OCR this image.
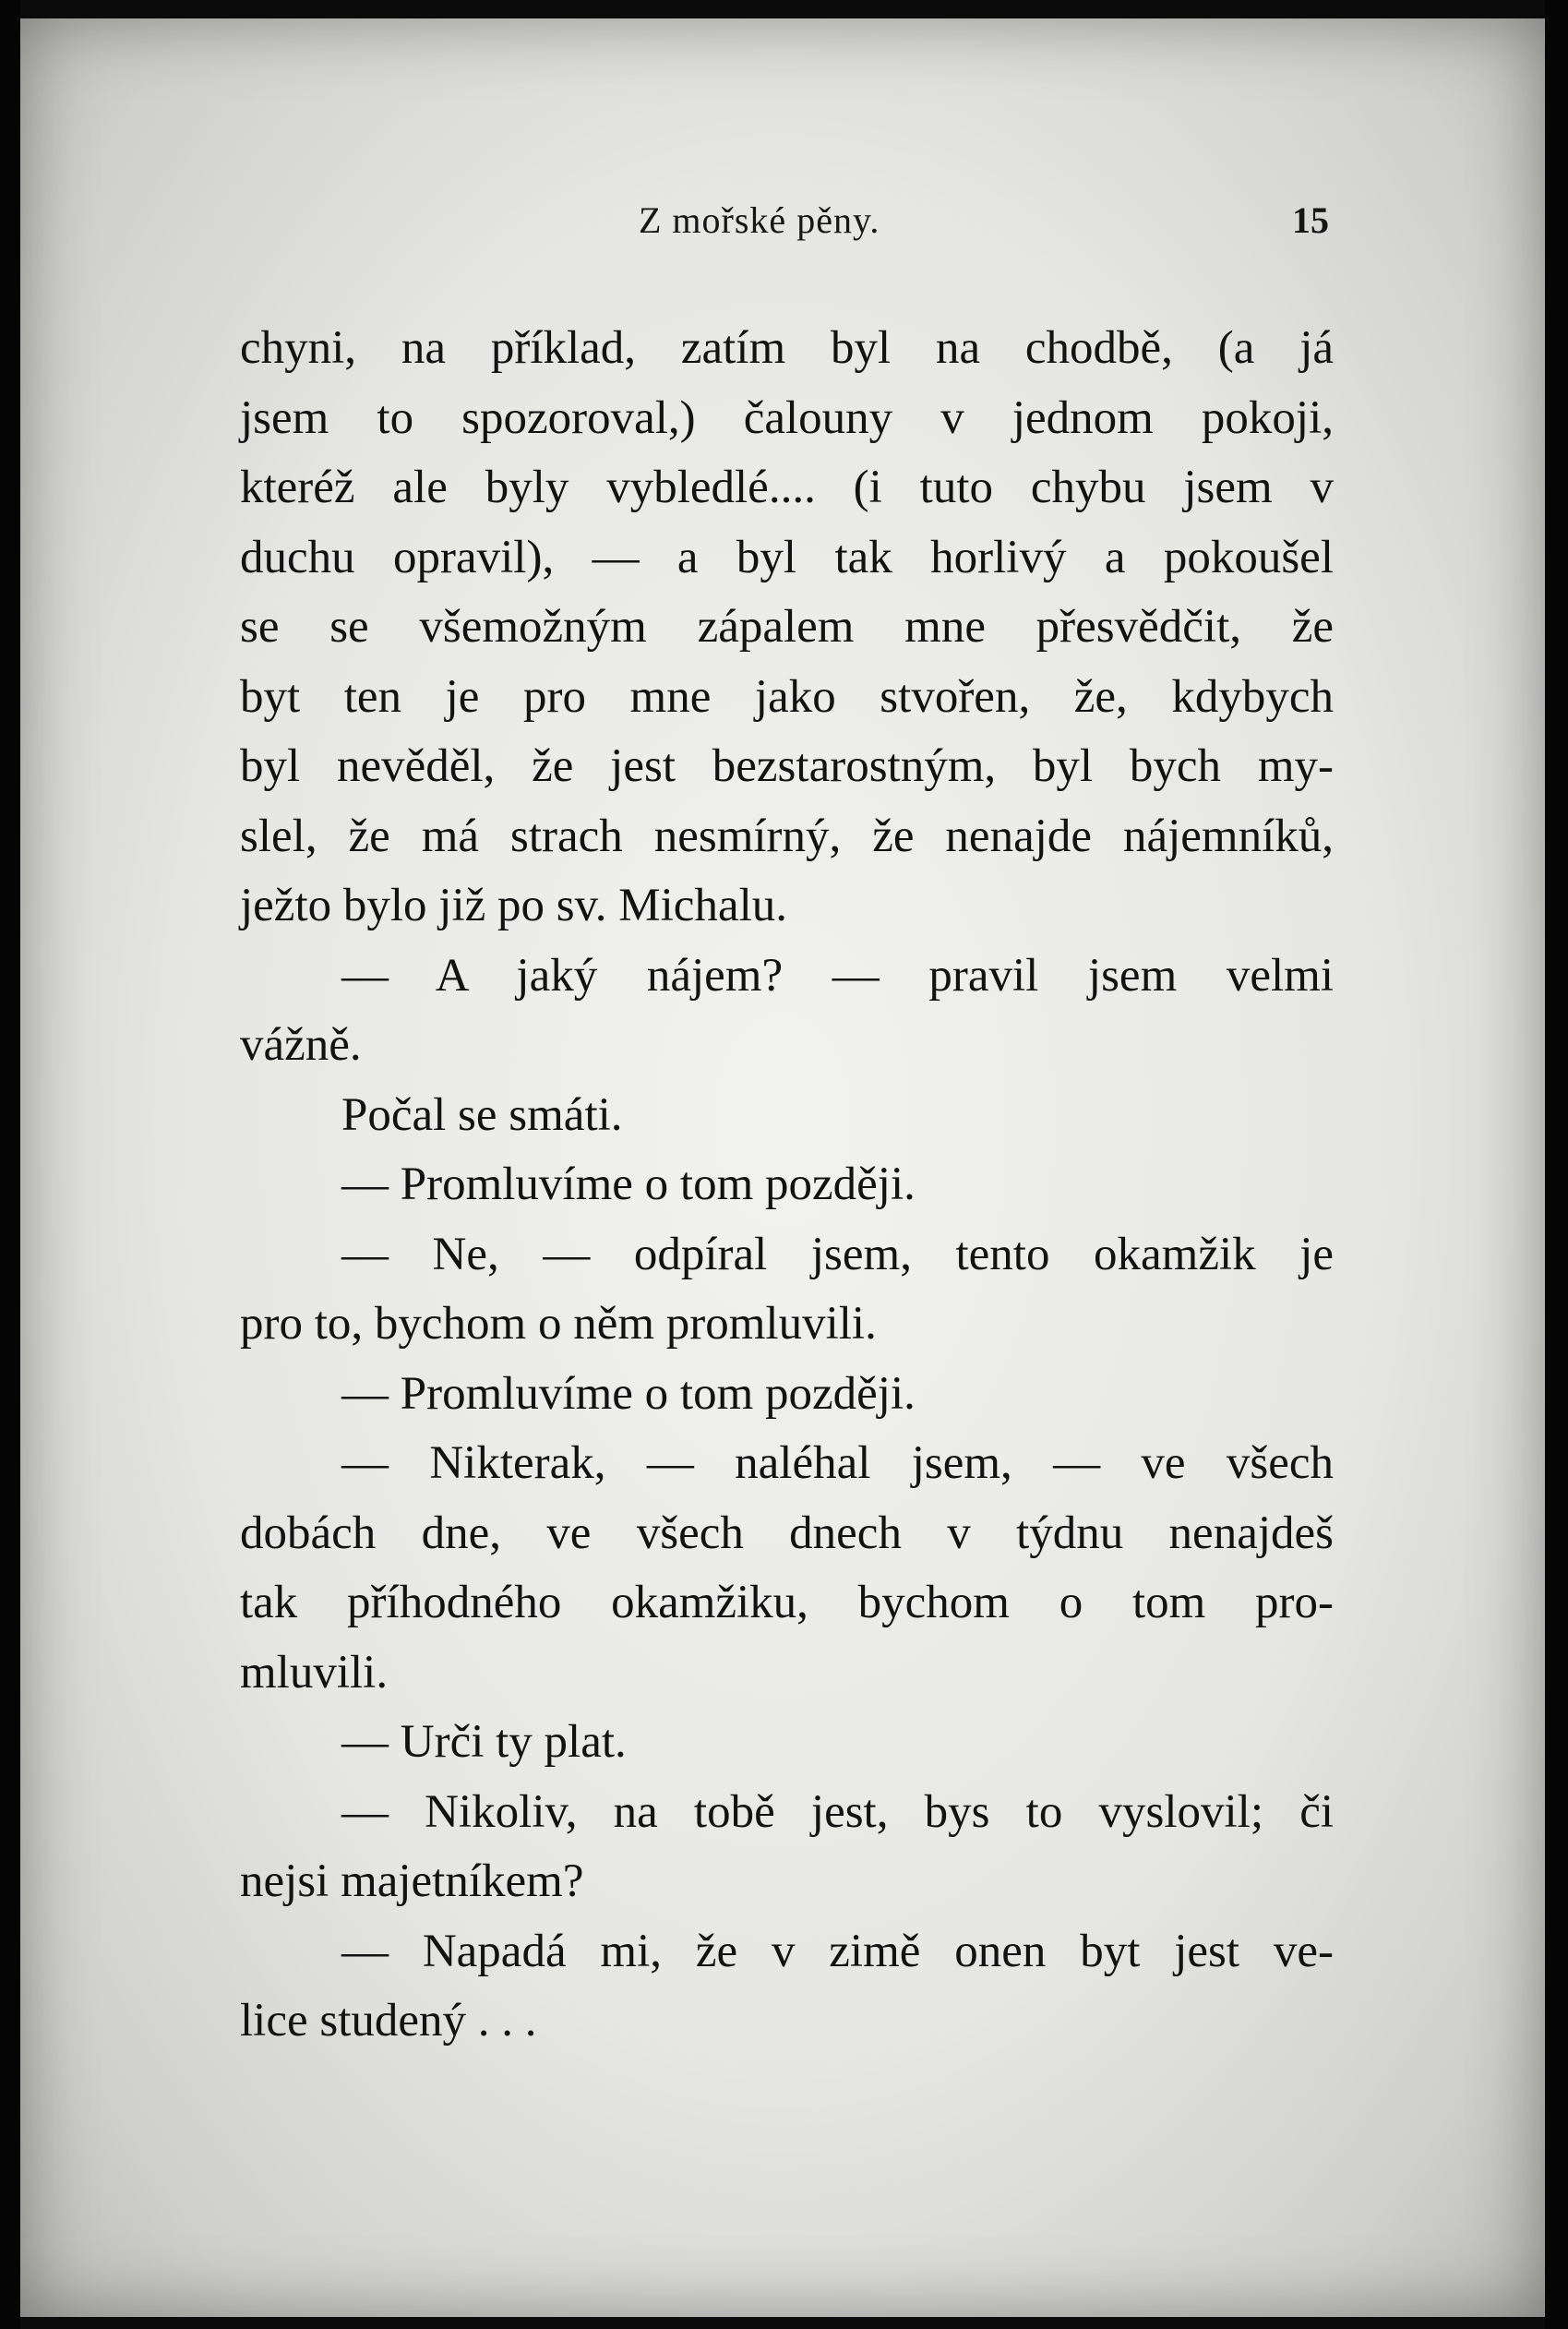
Z mořské pěny.	15
chyni, na příklad, zatím byl na chodbě, (a já
jsem to spozoroval,) čalouny v jednom pokoji,
kteréž ale byly vybledlé.... (i tuto chybu jsem v
duchu opravil), — a byl tak horlivý a pokoušel
se se všemožným zápalem mne přesvědčit, že
byt ten je pro mne jako stvořen, že, kdybych
byl nevěděl, že jest bezstarostným, byl bych my-
slel, že má strach nesmírný, že nenajde nájemníků,
ježto bylo již po sv. Michalu.
— A jaký nájem? — pravil jsem velmi
vážně.
Počal se smáti.
— Promluvíme o tom později.
— Ne, — odpíral jsem, tento okamžik je
pro to, bychom o něm promluvili.
— Promluvíme o tom později.
— Nikterak, — naléhal jsem, — ve všech
dobách dne, ve všech dnech v týdnu nenajdeš
tak příhodného okamžiku, bychom o tom pro-
mluvili.
— Urči ty plat.
— Nikoliv, na tobě jest, bys to vyslovil; či
nejsi majetníkem?
— Napadá mi, že v zimě onen byt jest ve-
lice studený . . .
